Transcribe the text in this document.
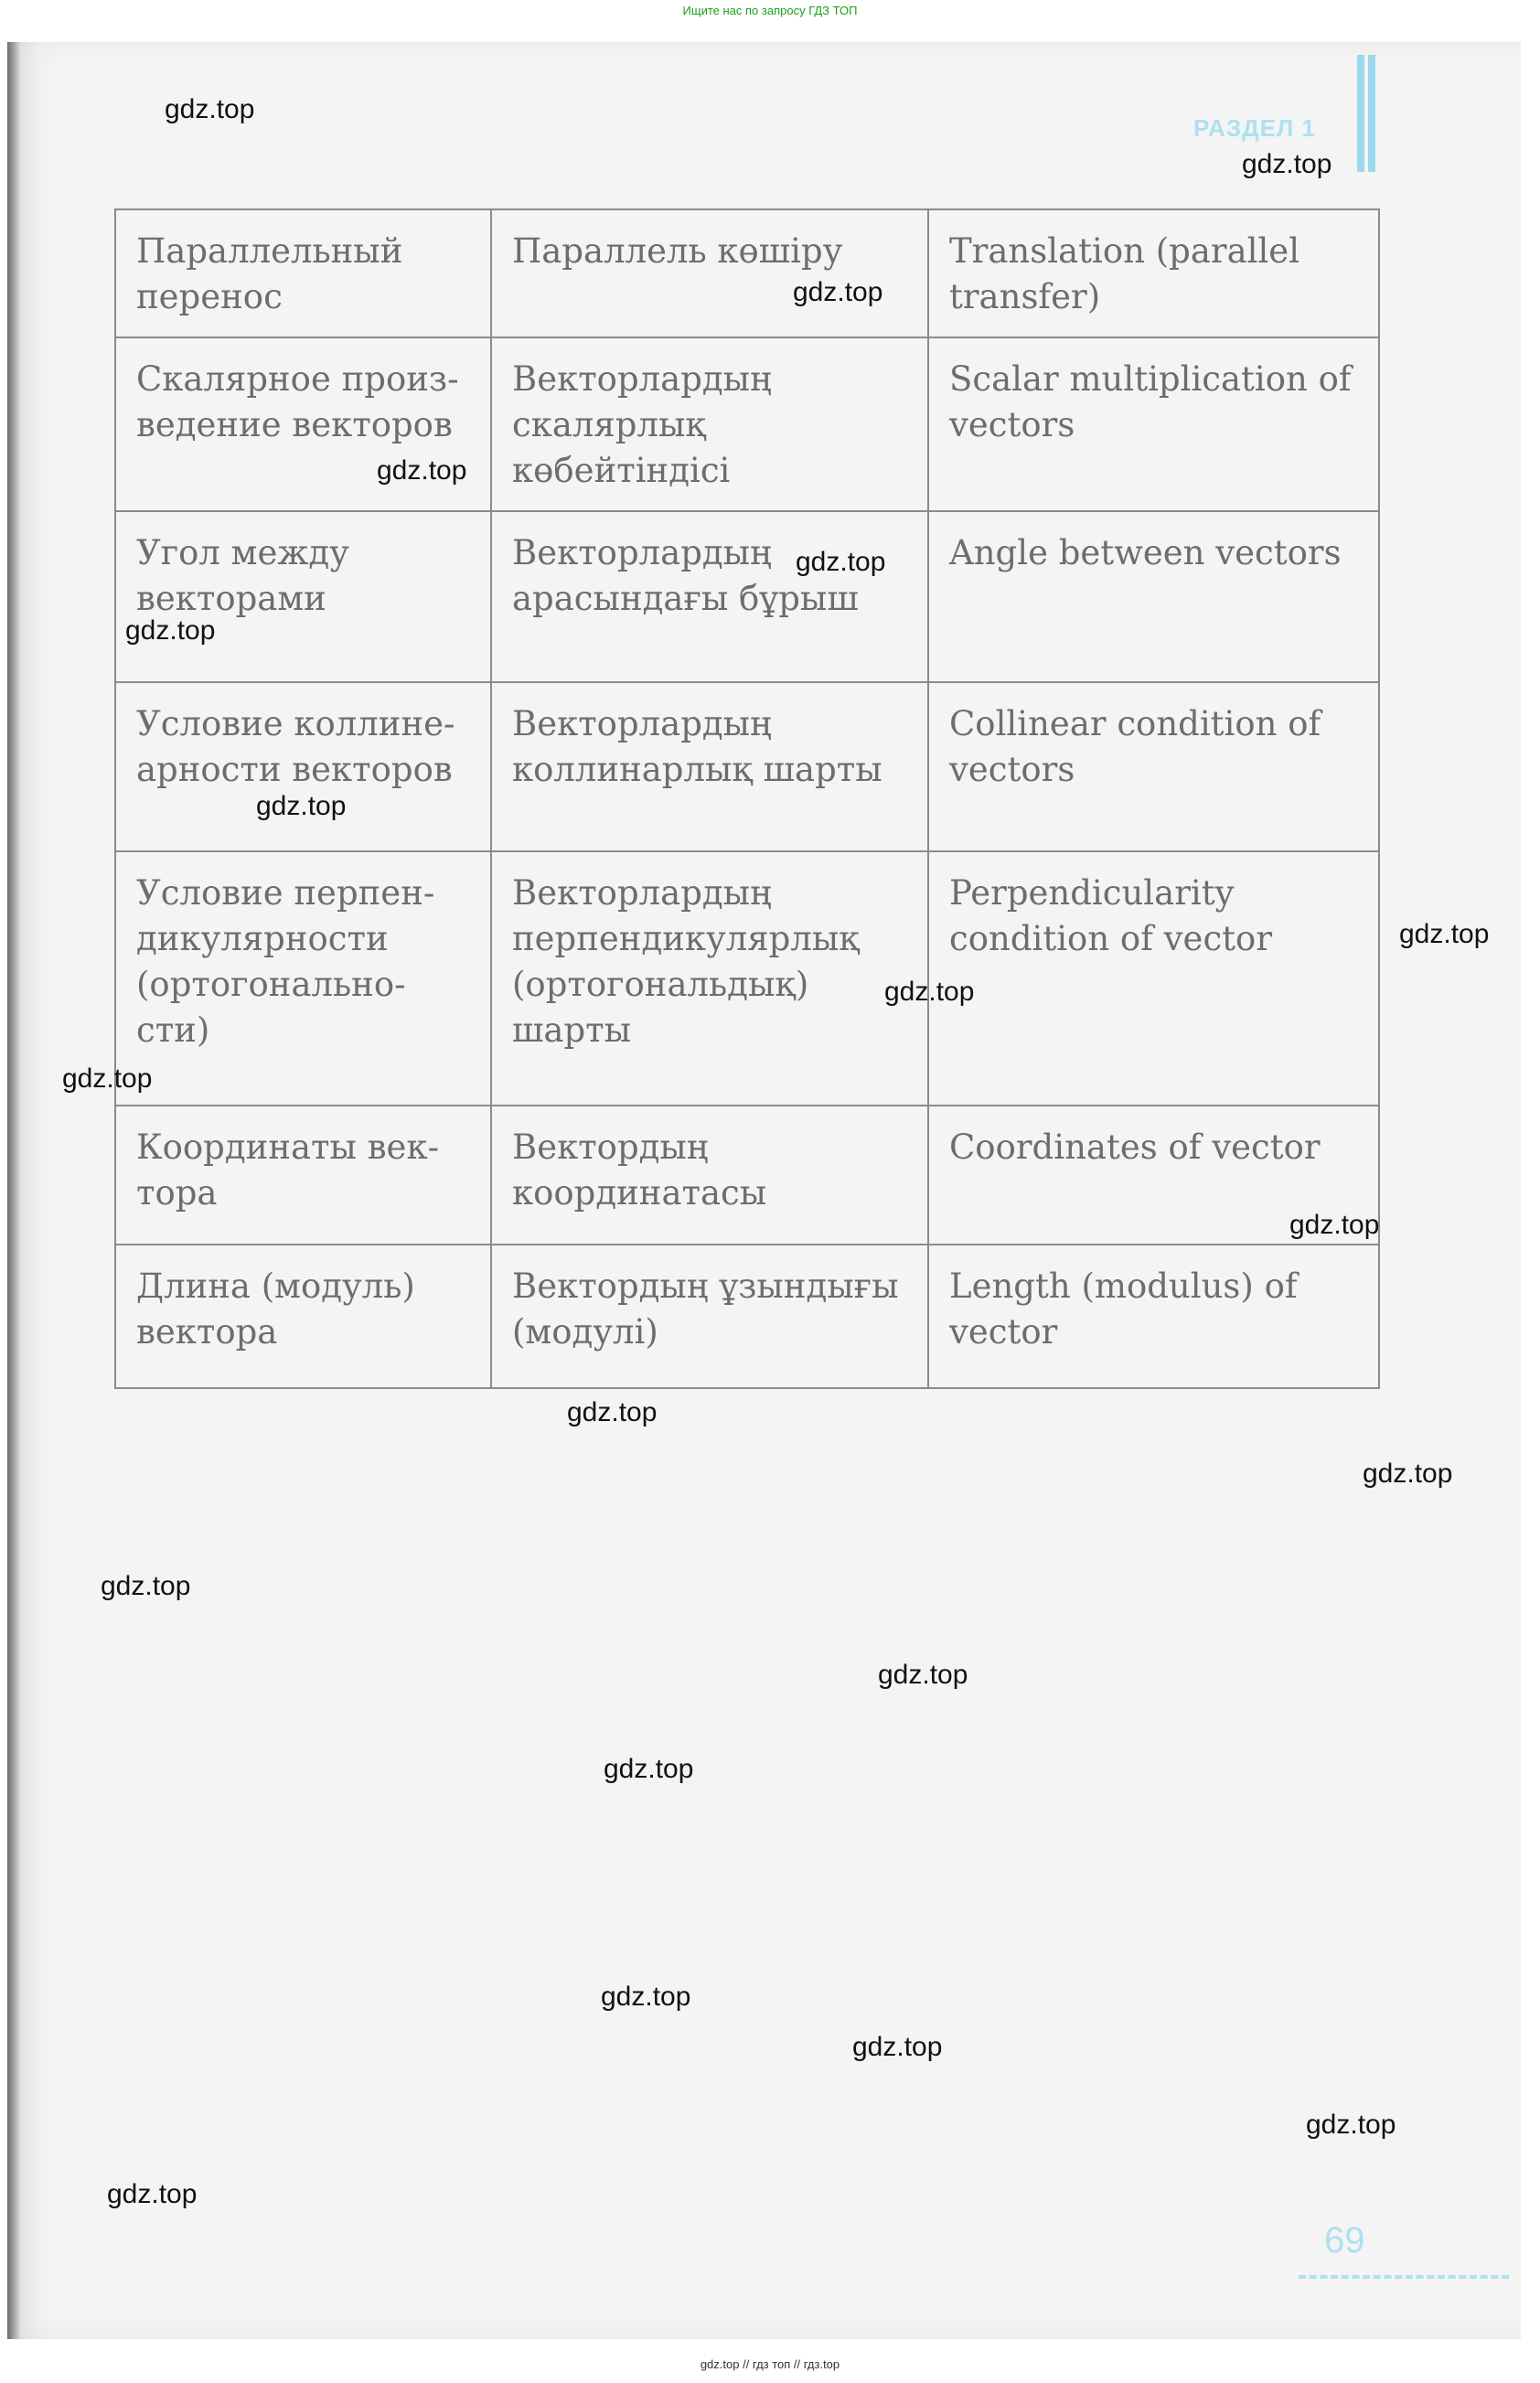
Ищите нас по запросу ГДЗ ТОП
РАЗДЕЛ 1
Параллельный перенос	Параллель көшіру	Translation (parallel transfer)
Скалярное произ-ведение векторов	Векторлардың скалярлық көбейтіндісі	Scalar multiplication of vectors
Угол между векторами	Векторлардың арасындағы бұрыш	Angle between vectors
Условие коллине-арности векторов	Векторлардың коллинарлық шарты	Collinear condition of vectors
Условие перпен-дикулярности (ортогонально-сти)	Векторлардың перпендикулярлық (ортогональдық) шарты	Perpendicularity condition of vector
Координаты век-тора	Вектордың координатасы	Coordinates of vector
Длина (модуль) вектора	Вектордың ұзындығы (модулі)	Length (modulus) of vector
69
gdz.top
gdz.top
gdz.top
gdz.top
gdz.top
gdz.top
gdz.top
gdz.top
gdz.top
gdz.top
gdz.top
gdz.top
gdz.top
gdz.top
gdz.top
gdz.top
gdz.top
gdz.top
gdz.top
gdz.top
gdz.top // гдз топ // гдз.top
